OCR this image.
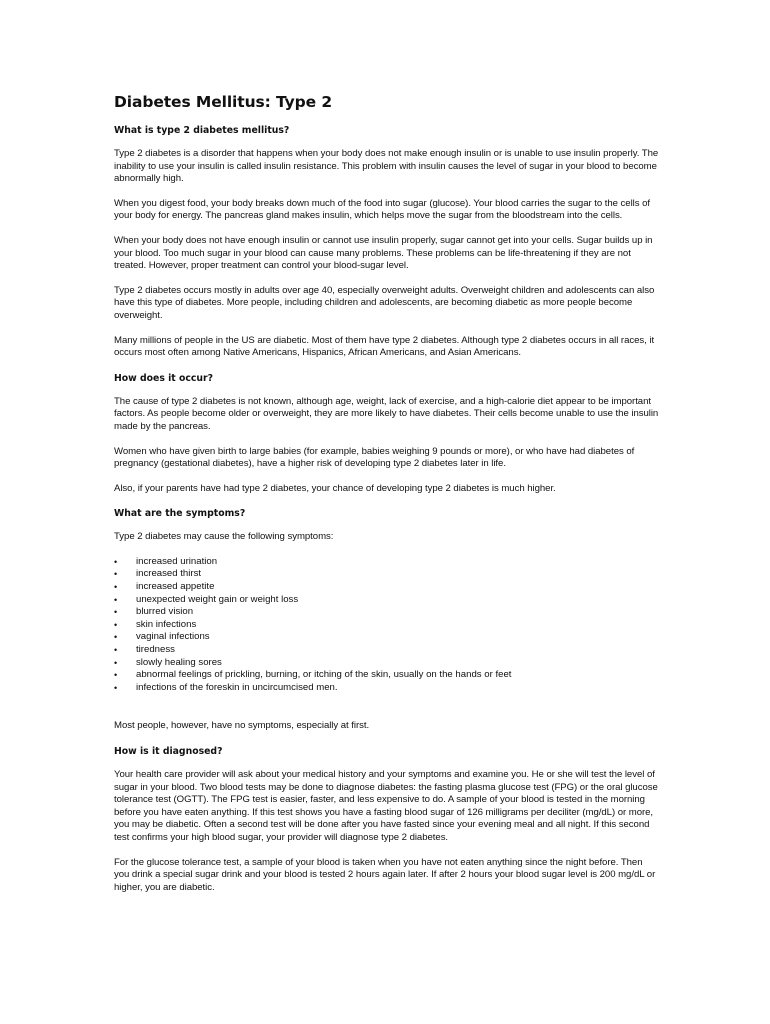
Diabetes Mellitus: Type 2
What is type 2 diabetes mellitus?

Type 2 diabetes is a disorder that happens when your body does not make enough insulin or is unable to use insulin properly. The inability to use your insulin is called insulin resistance. This problem with insulin causes the level of sugar in your blood to become abnormally high.

When you digest food, your body breaks down much of the food into sugar (glucose). Your blood carries the sugar to the cells of your body for energy. The pancreas gland makes insulin, which helps move the sugar from the bloodstream into the cells.

When your body does not have enough insulin or cannot use insulin properly, sugar cannot get into your cells. Sugar builds up in your blood. Too much sugar in your blood can cause many problems. These problems can be life-threatening if they are not treated. However, proper treatment can control your blood-sugar level.

Type 2 diabetes occurs mostly in adults over age 40, especially overweight adults. Overweight children and adolescents can also have this type of diabetes. More people, including children and adolescents, are becoming diabetic as more people become overweight.

Many millions of people in the US are diabetic. Most of them have type 2 diabetes. Although type 2 diabetes occurs in all races, it occurs most often among Native Americans, Hispanics, African Americans, and Asian Americans.

How does it occur?

The cause of type 2 diabetes is not known, although age, weight, lack of exercise, and a high-calorie diet appear to be important factors. As people become older or overweight, they are more likely to have diabetes. Their cells become unable to use the insulin made by the pancreas.

Women who have given birth to large babies (for example, babies weighing 9 pounds or more), or who have had diabetes of pregnancy (gestational diabetes), have a higher risk of developing type 2 diabetes later in life.

Also, if your parents have had type 2 diabetes, your chance of developing type 2 diabetes is much higher.

What are the symptoms?

Type 2 diabetes may cause the following symptoms:

• increased urination
• increased thirst
• increased appetite
• unexpected weight gain or weight loss
• blurred vision
• skin infections
• vaginal infections
• tiredness
• slowly healing sores
• abnormal feelings of prickling, burning, or itching of the skin, usually on the hands or feet
• infections of the foreskin in uncircumcised men.

Most people, however, have no symptoms, especially at first.

How is it diagnosed?

Your health care provider will ask about your medical history and your symptoms and examine you. He or she will test the level of sugar in your blood. Two blood tests may be done to diagnose diabetes: the fasting plasma glucose test (FPG) or the oral glucose tolerance test (OGTT). The FPG test is easier, faster, and less expensive to do. A sample of your blood is tested in the morning before you have eaten anything. If this test shows you have a fasting blood sugar of 126 milligrams per deciliter (mg/dL) or more, you may be diabetic. Often a second test will be done after you have fasted since your evening meal and all night. If this second test confirms your high blood sugar, your provider will diagnose type 2 diabetes.

For the glucose tolerance test, a sample of your blood is taken when you have not eaten anything since the night before. Then you drink a special sugar drink and your blood is tested 2 hours again later. If after 2 hours your blood sugar level is 200 mg/dL or higher, you are diabetic.
